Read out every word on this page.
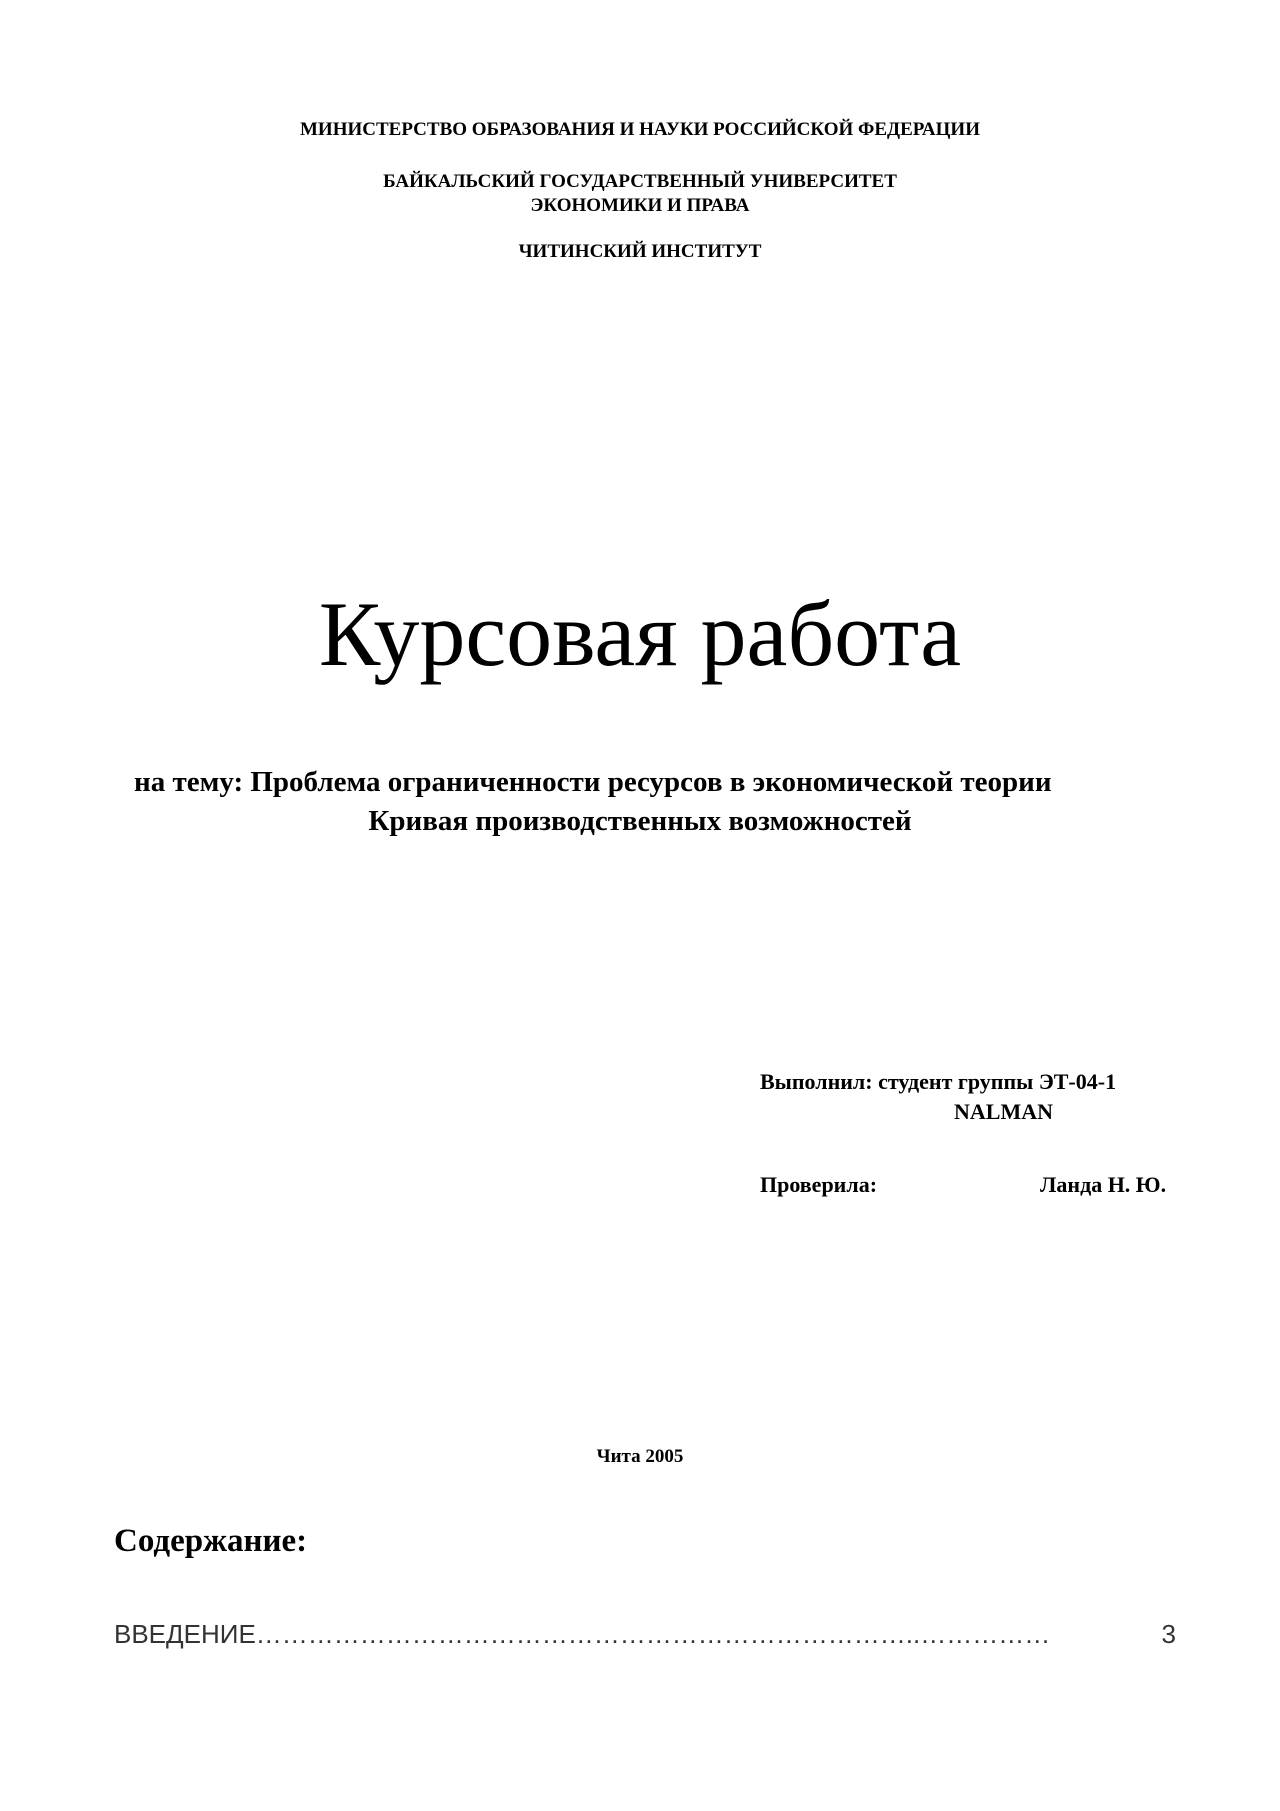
МИНИСТЕРСТВО ОБРАЗОВАНИЯ И НАУКИ РОССИЙСКОЙ ФЕДЕРАЦИИ

БАЙКАЛЬСКИЙ ГОСУДАРСТВЕННЫЙ УНИВЕРСИТЕТ

ЭКОНОМИКИ И ПРАВА

ЧИТИНСКИЙ ИНСТИТУТ

Курсовая работа

на тему: Проблема ограниченности ресурсов в экономической теории

Кривая производственных возможностей

Выполнил: студент группы ЭТ-04-1

NALMAN

Проверила:	Ланда Н. Ю.

Чита 2005

Содержание:
ВВЕДЕНИЕ …………………………………………………………………..……………	3
